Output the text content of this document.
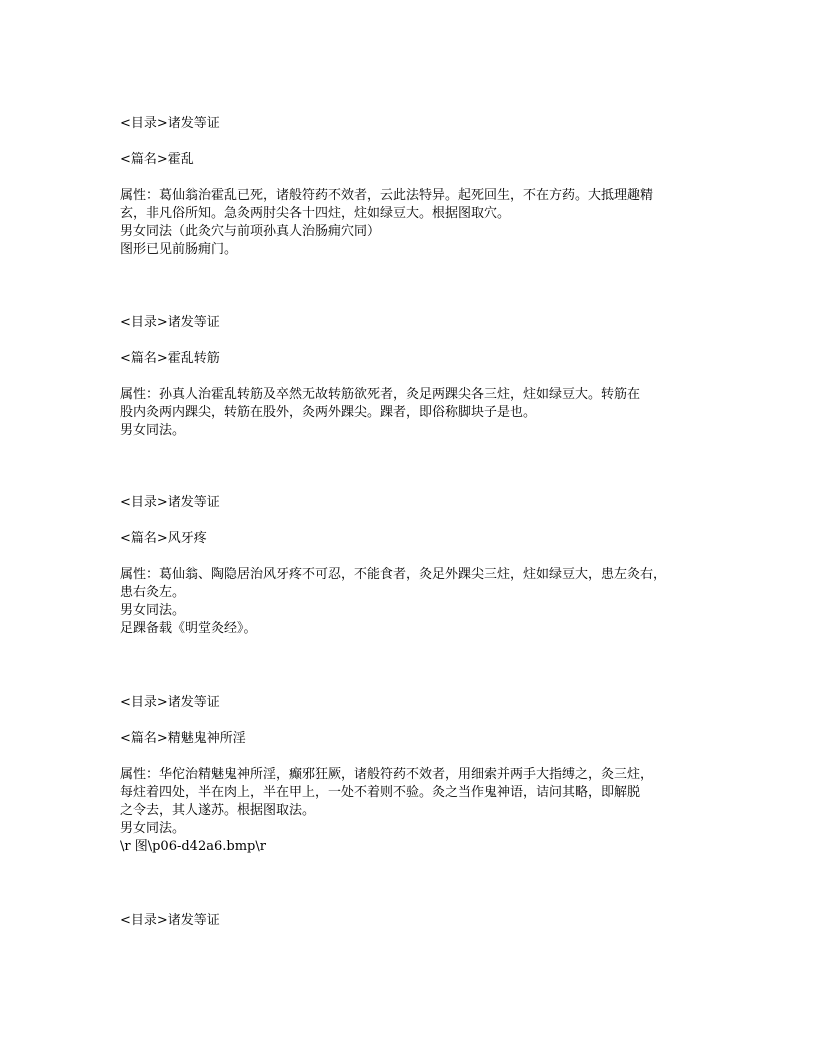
<目录>诸发等证
<篇名>霍乱
属性：葛仙翁治霍乱已死，诸般符药不效者，云此法特异。起死回生，不在方药。大抵理趣精
玄，非凡俗所知。急灸两肘尖各十四炷，炷如绿豆大。根据图取穴。
男女同法（此灸穴与前项孙真人治肠痈穴同）
图形已见前肠痈门。
<目录>诸发等证
<篇名>霍乱转筋
属性：孙真人治霍乱转筋及卒然无故转筋欲死者，灸足两踝尖各三炷，炷如绿豆大。转筋在
股内灸两内踝尖，转筋在股外，灸两外踝尖。踝者，即俗称脚块子是也。
男女同法。
<目录>诸发等证
<篇名>风牙疼
属性：葛仙翁、陶隐居治风牙疼不可忍，不能食者，灸足外踝尖三炷，炷如绿豆大，患左灸右，
患右灸左。
男女同法。
足踝备载《明堂灸经》。
<目录>诸发等证
<篇名>精魅鬼神所淫
属性：华佗治精魅鬼神所淫，癫邪狂厥，诸般符药不效者，用细索并两手大指缚之，灸三炷，
每炷着四处，半在肉上，半在甲上，一处不着则不验。灸之当作鬼神语，诘问其略，即解脱
之令去，其人遂苏。根据图取法。
男女同法。
\r 图\p06-d42a6.bmp\r
<目录>诸发等证
